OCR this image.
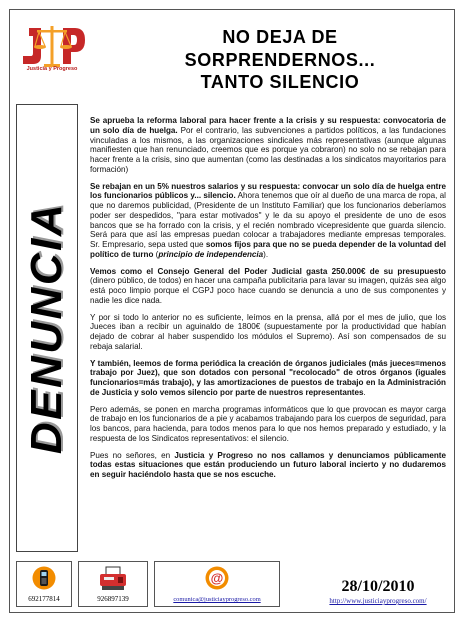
Justicia y Progreso
NO DEJA DE
SORPRENDERNOS...
TANTO SILENCIO
DENUNCIA

Se aprueba la reforma laboral para hacer frente a la crisis y su respuesta: convocatoria de un solo día de huelga. Por el contrario, las subvenciones a partidos políticos, a las fundaciones vinculadas a los mismos, a las organizaciones sindicales más representativas (aunque algunas manifiesten que han renunciado, creemos que es porque ya cobraron) no solo no se rebajan para hacer frente a la crisis, sino que aumentan (como las destinadas a los sindicatos mayoritarios para formación)

Se rebajan en un 5% nuestros salarios y su respuesta: convocar un solo día de huelga entre los funcionarios públicos y... silencio. Ahora tenemos que oír al dueño de una marca de ropa, al que no daremos publicidad, (Presidente de un Instituto Familiar) que los funcionarios deberíamos poder ser despedidos, "para estar motivados" y le da su apoyo el presidente de uno de esos bancos que se ha forrado con la crisis, y el recién nombrado vicepresidente que guarda silencio. Será para que así las empresas puedan colocar a trabajadores mediante empresas temporales. Sr. Empresario, sepa usted que somos fijos para que no se pueda depender de la voluntad del político de turno (principio de independencia).

Vemos como el Consejo General del Poder Judicial gasta 250.000€ de su presupuesto (dinero público, de todos) en hacer una campaña publicitaria para lavar su imagen, quizás sea algo está poco limpio porque el CGPJ poco hace cuando se denuncia a uno de sus componentes y nadie les dice nada.

Y por si todo lo anterior no es suficiente, leímos en la prensa, allá por el mes de julio, que los Jueces iban a recibir un aguinaldo de 1800€ (supuestamente por la productividad que habían dejado de cobrar al haber suspendido los módulos el Supremo). Así son compensados de su rebaja salarial.

Y también, leemos de forma periódica la creación de órganos judiciales (más jueces=menos trabajo por Juez), que son dotados con personal "recolocado" de otros órganos (iguales funcionarios=más trabajo), y las amortizaciones de puestos de trabajo en la Administración de Justicia y solo vemos silencio por parte de nuestros representantes.

Pero además, se ponen en marcha programas informáticos que lo que provocan es mayor carga de trabajo en los funcionarios de a pie y acabamos trabajando para los cuerpos de seguridad, para los bancos, para hacienda, para todos menos para lo que nos hemos preparado y estudiado, y la respuesta de los Sindicatos representativos: el silencio.

Pues no señores, en Justicia y Progreso no nos callamos y denunciamos públicamente todas estas situaciones que están produciendo un futuro laboral incierto y no dudaremos en seguir haciéndolo hasta que se nos escuche.

692177814	926897139
@
comunica@justiciayprogreso.com
28/10/2010
http://www.justiciayprogreso.com/
